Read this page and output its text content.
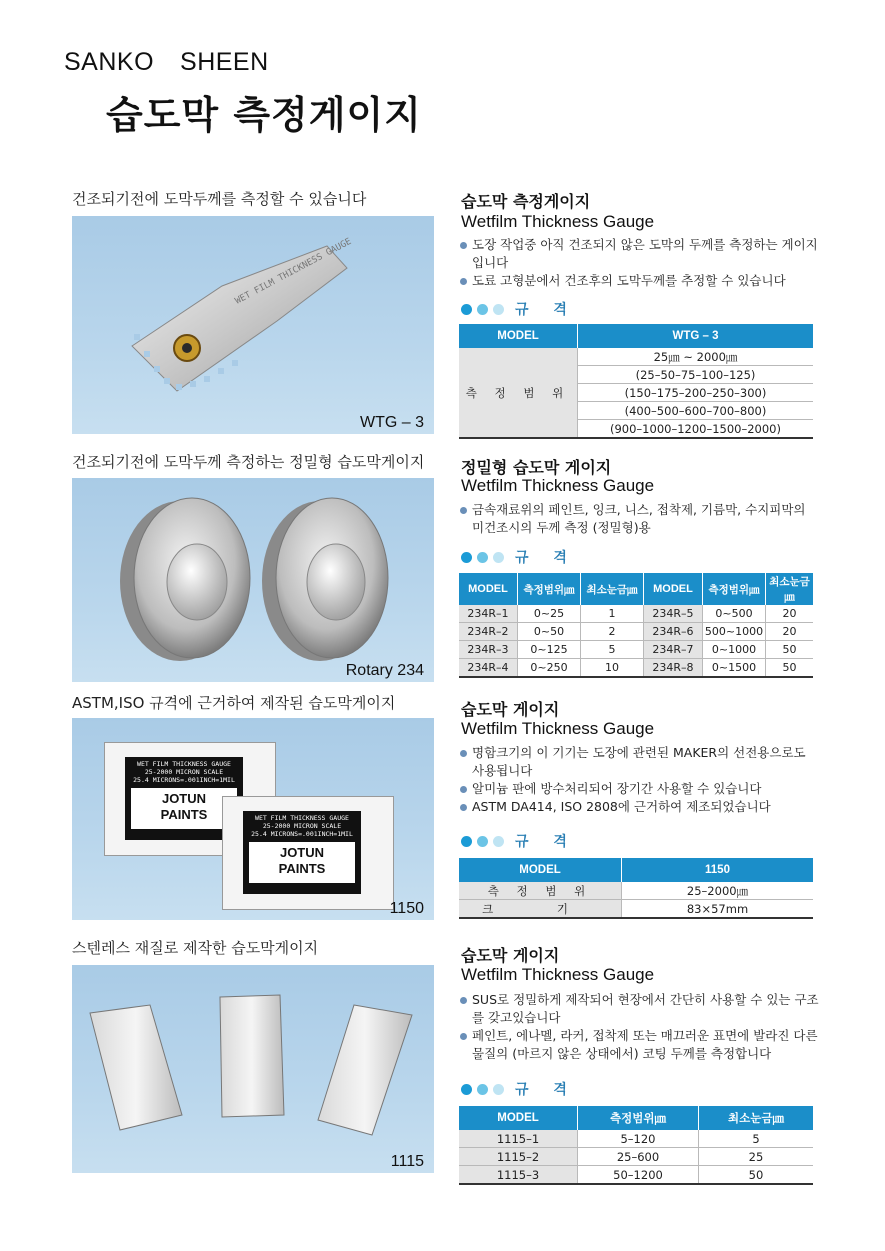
SANKO SHEEN
습도막 측정게이지
건조되기전에 도막두께를 측정할 수 있습니다
WET FILM THICKNESS GAUGE
WTG – 3
습도막 측정게이지
Wetfilm Thickness Gauge
도장 작업중 아직 건조되지 않은 도막의 두께를 측정하는 게이지입니다
도료 고형분에서 건조후의 도막두께를 추정할 수 있습니다
규 격
MODEL	WTG – 3
측 정 범 위	25㎛ ~ 2000㎛
	(25–50–75–100–125)
	(150–175–200–250–300)
	(400–500–600–700–800)
	(900–1000–1200–1500–2000)
건조되기전에 도막두께 측정하는 정밀형 습도막게이지
Rotary 234
정밀형 습도막 게이지
Wetfilm Thickness Gauge
금속재료위의 페인트, 잉크, 니스, 접착제, 기름막, 수지피막의 미건조시의 두께 측정 (정밀형)용
규 격
MODEL	측정범위㎛	최소눈금㎛	MODEL	측정범위㎛	최소눈금㎛
234R–1	0~25	1	234R–5	0~500	20
234R–2	0~50	2	234R–6	500~1000	20
234R–3	0~125	5	234R–7	0~1000	50
234R–4	0~250	10	234R–8	0~1500	50
ASTM,ISO 규격에 근거하여 제작된 습도막게이지
WET FILM THICKNESS GAUGE
25-2000 MICRON SCALE
25.4 MICRONS=.001INCH=1MIL
JOTUN
PAINTS	WET FILM THICKNESS GAUGE
25-2000 MICRON SCALE
25.4 MICRONS=.001INCH=1MIL
JOTUN
PAINTS
1150
습도막 게이지
Wetfilm Thickness Gauge
명함크기의 이 기기는 도장에 관련된 MAKER의 선전용으로도 사용됩니다
알미늄 판에 방수처리되어 장기간 사용할 수 있습니다
ASTM DA414, ISO 2808에 근거하여 제조되었습니다
규 격
MODEL	1150
측 정 범 위	25–2000㎛
크 기	83×57mm
스텐레스 재질로 제작한 습도막게이지
1115
습도막 게이지
Wetfilm Thickness Gauge
SUS로 정밀하게 제작되어 현장에서 간단히 사용할 수 있는 구조를 갖고있습니다
페인트, 에나멜, 라커, 접착제 또는 매끄러운 표면에 발라진 다른 물질의 (마르지 않은 상태에서) 코팅 두께를 측정합니다
규 격
MODEL	측정범위㎛	최소눈금㎛
1115–1	5–120	5
1115–2	25–600	25
1115–3	50–1200	50
